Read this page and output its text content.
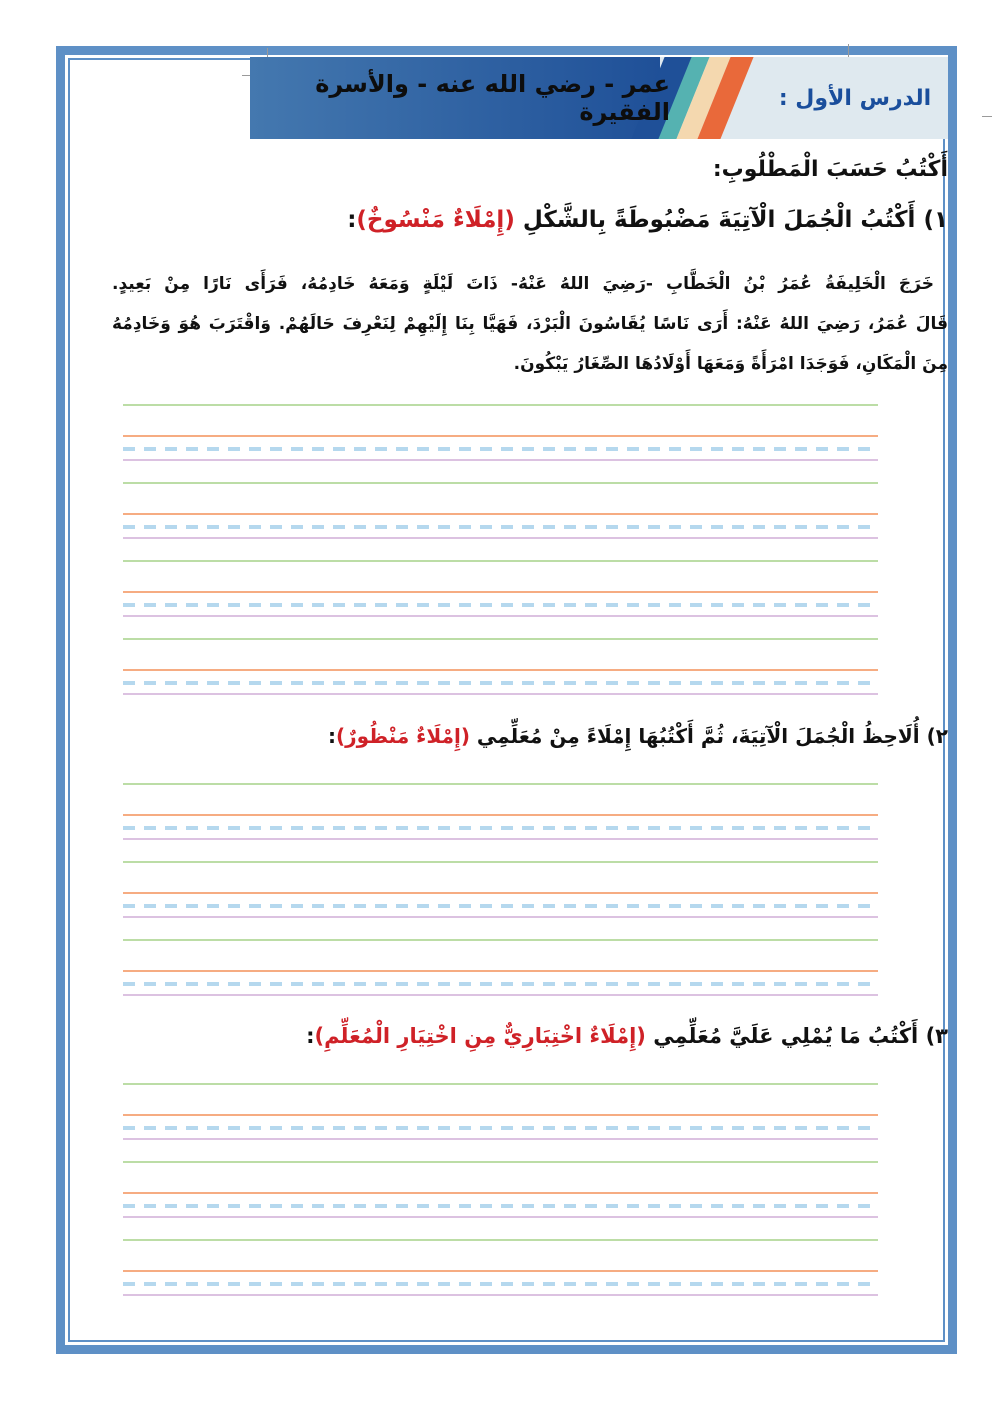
عمر - رضي الله عنه - والأسرة الفقيرة	الدرس الأول :
أَكْتُبُ حَسَبَ الْمَطْلُوبِ:
١) أَكْتُبُ الْجُمَلَ الْآتِيَةَ مَضْبُوطَةً بِالشَّكْلِ (إِمْلَاءٌ مَنْسُوخٌ):
خَرَجَ الْخَلِيفَةُ عُمَرُ بْنُ الْخَطَّابِ -رَضِيَ اللهُ عَنْهُ- ذَاتَ لَيْلَةٍ وَمَعَهُ خَادِمُهُ، فَرَأَى نَارًا مِنْ بَعِيدٍ.
قَالَ عُمَرُ، رَضِيَ اللهُ عَنْهُ: أَرَى نَاسًا يُقَاسُونَ الْبَرْدَ، فَهَيَّا بِنَا إِلَيْهِمْ لِنَعْرِفَ حَالَهُمْ. وَاقْتَرَبَ هُوَ وَخَادِمُهُ
مِنَ الْمَكَانِ، فَوَجَدَا امْرَأَةً وَمَعَهَا أَوْلَادُهَا الصِّغَارُ يَبْكُونَ.
٢) أُلَاحِظُ الْجُمَلَ الْآتِيَةَ، ثُمَّ أَكْتُبُهَا إِمْلَاءً مِنْ مُعَلِّمِي (إِمْلَاءٌ مَنْظُورٌ):
٣) أَكْتُبُ مَا يُمْلِي عَلَيَّ مُعَلِّمِي (إِمْلَاءٌ اخْتِبَارِيٌّ مِنِ اخْتِيَارِ الْمُعَلِّمِ):
